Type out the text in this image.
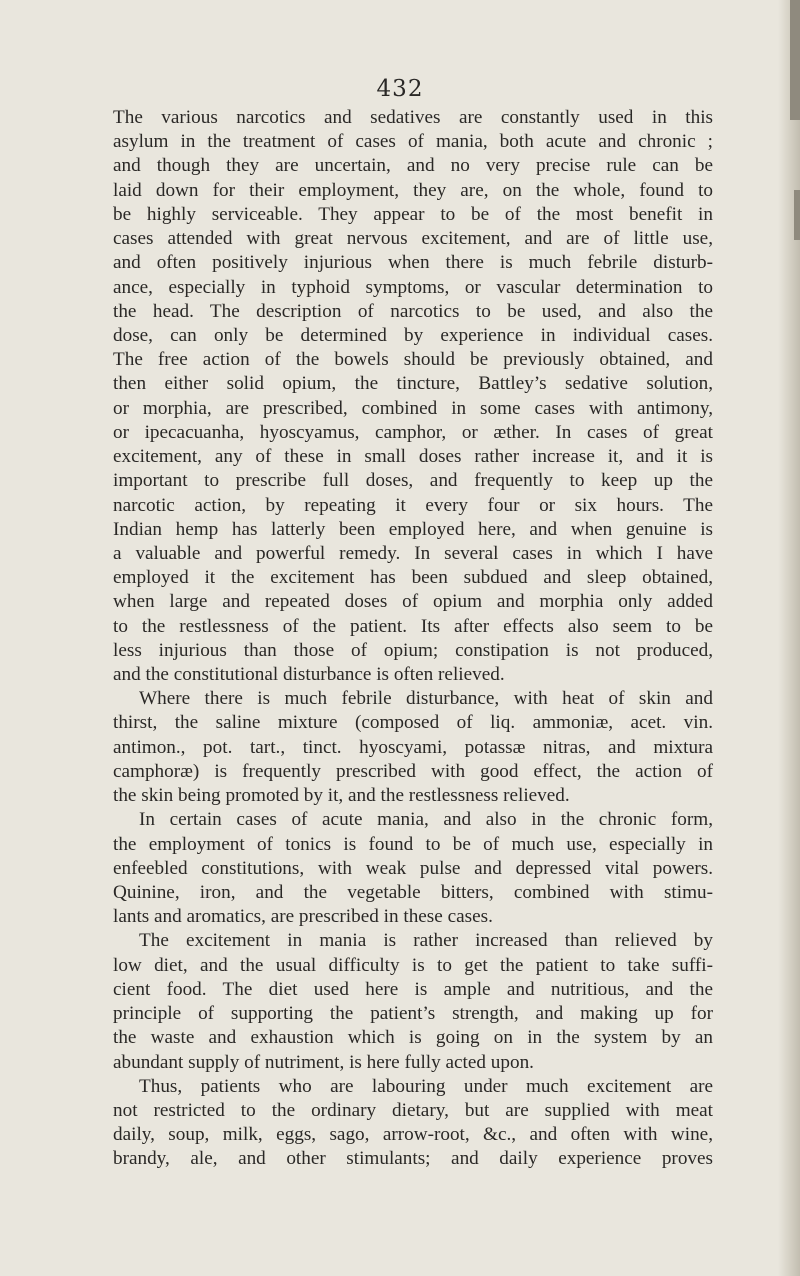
432
The various narcotics and sedatives are constantly used in this
asylum in the treatment of cases of mania, both acute and chronic ;
and though they are uncertain, and no very precise rule can be
laid down for their employment, they are, on the whole, found to
be highly serviceable. They appear to be of the most benefit in
cases attended with great nervous excitement, and are of little use,
and often positively injurious when there is much febrile disturb-
ance, especially in typhoid symptoms, or vascular determination to
the head. The description of narcotics to be used, and also the
dose, can only be determined by experience in individual cases.
The free action of the bowels should be previously obtained, and
then either solid opium, the tincture, Battley’s sedative solution,
or morphia, are prescribed, combined in some cases with antimony,
or ipecacuanha, hyoscyamus, camphor, or æther. In cases of great
excitement, any of these in small doses rather increase it, and it is
important to prescribe full doses, and frequently to keep up the
narcotic action, by repeating it every four or six hours. The
Indian hemp has latterly been employed here, and when genuine is
a valuable and powerful remedy. In several cases in which I have
employed it the excitement has been subdued and sleep obtained,
when large and repeated doses of opium and morphia only added
to the restlessness of the patient. Its after effects also seem to be
less injurious than those of opium; constipation is not produced,
and the constitutional disturbance is often relieved.
Where there is much febrile disturbance, with heat of skin and
thirst, the saline mixture (composed of liq. ammoniæ, acet. vin.
antimon., pot. tart., tinct. hyoscyami, potassæ nitras, and mixtura
camphoræ) is frequently prescribed with good effect, the action of
the skin being promoted by it, and the restlessness relieved.
In certain cases of acute mania, and also in the chronic form,
the employment of tonics is found to be of much use, especially in
enfeebled constitutions, with weak pulse and depressed vital powers.
Quinine, iron, and the vegetable bitters, combined with stimu-
lants and aromatics, are prescribed in these cases.
The excitement in mania is rather increased than relieved by
low diet, and the usual difficulty is to get the patient to take suffi-
cient food. The diet used here is ample and nutritious, and the
principle of supporting the patient’s strength, and making up for
the waste and exhaustion which is going on in the system by an
abundant supply of nutriment, is here fully acted upon.
Thus, patients who are labouring under much excitement are
not restricted to the ordinary dietary, but are supplied with meat
daily, soup, milk, eggs, sago, arrow-root, &c., and often with wine,
brandy, ale, and other stimulants; and daily experience proves
